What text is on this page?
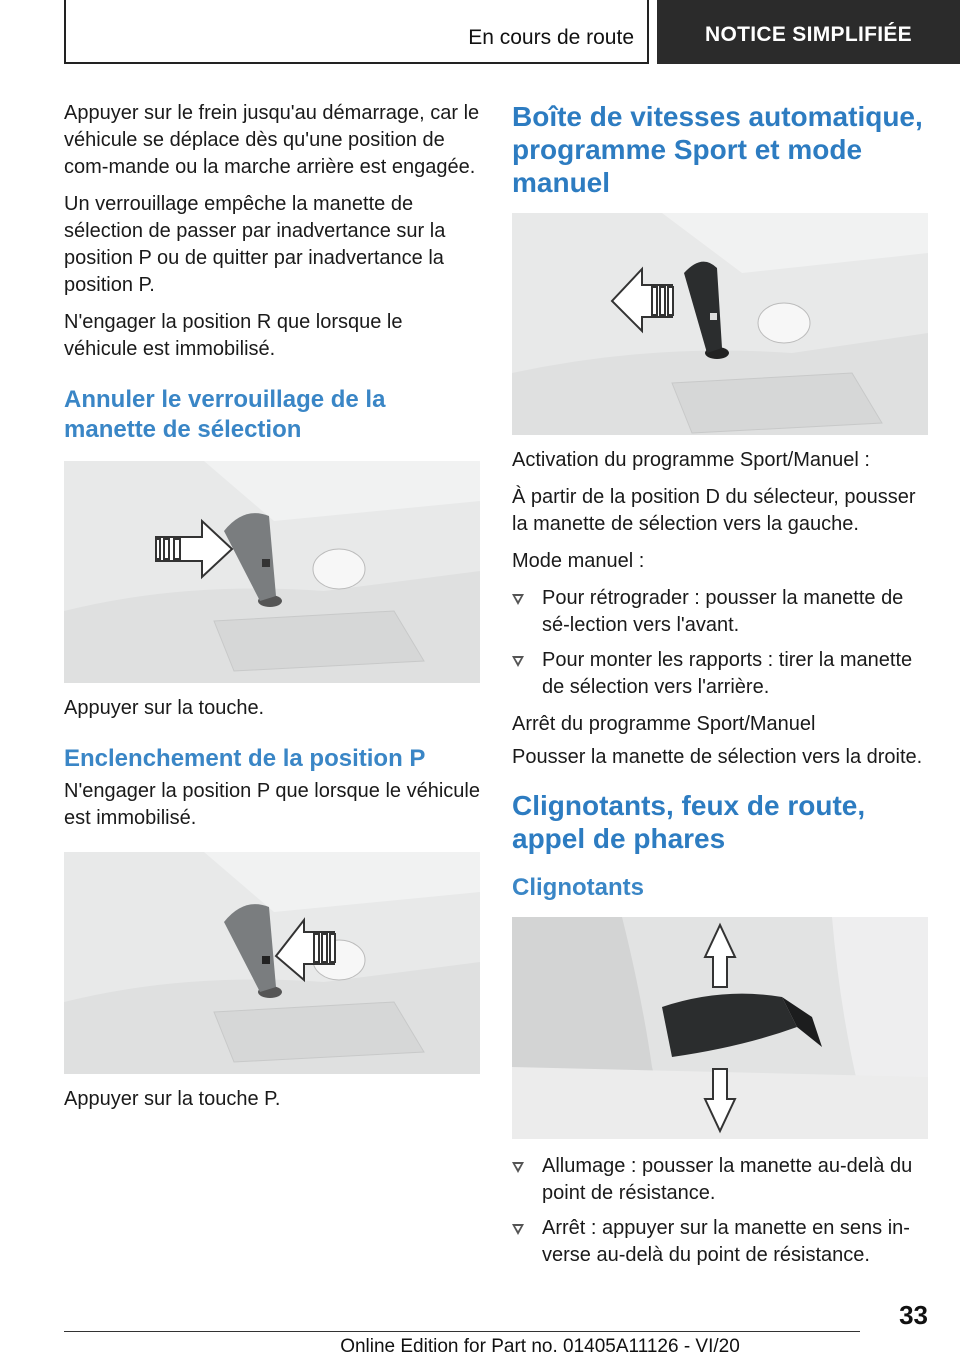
En cours de route	NOTICE SIMPLIFIÉE

Appuyer sur le frein jusqu'au démarrage, car le véhicule se déplace dès qu'une position de com-mande ou la marche arrière est engagée.

Un verrouillage empêche la manette de sélection de passer par inadvertance sur la position P ou de quitter par inadvertance la position P.

N'engager la position R que lorsque le véhicule est immobilisé.

Annuler le verrouillage de la manette de sélection

Appuyer sur la touche.

Enclenchement de la position P

N'engager la position P que lorsque le véhicule est immobilisé.

Appuyer sur la touche P.

Boîte de vitesses automatique, programme Sport et mode manuel

Activation du programme Sport/Manuel :

À partir de la position D du sélecteur, pousser la manette de sélection vers la gauche.

Mode manuel :

Pour rétrograder : pousser la manette de sé-lection vers l'avant.
Pour monter les rapports : tirer la manette de sélection vers l'arrière.

Arrêt du programme Sport/Manuel

Pousser la manette de sélection vers la droite.

Clignotants, feux de route, appel de phares
Clignotants
Allumage : pousser la manette au-delà du point de résistance.
Arrêt : appuyer sur la manette en sens in-verse au-delà du point de résistance.
33
Online Edition for Part no. 01405A11126 - VI/20
